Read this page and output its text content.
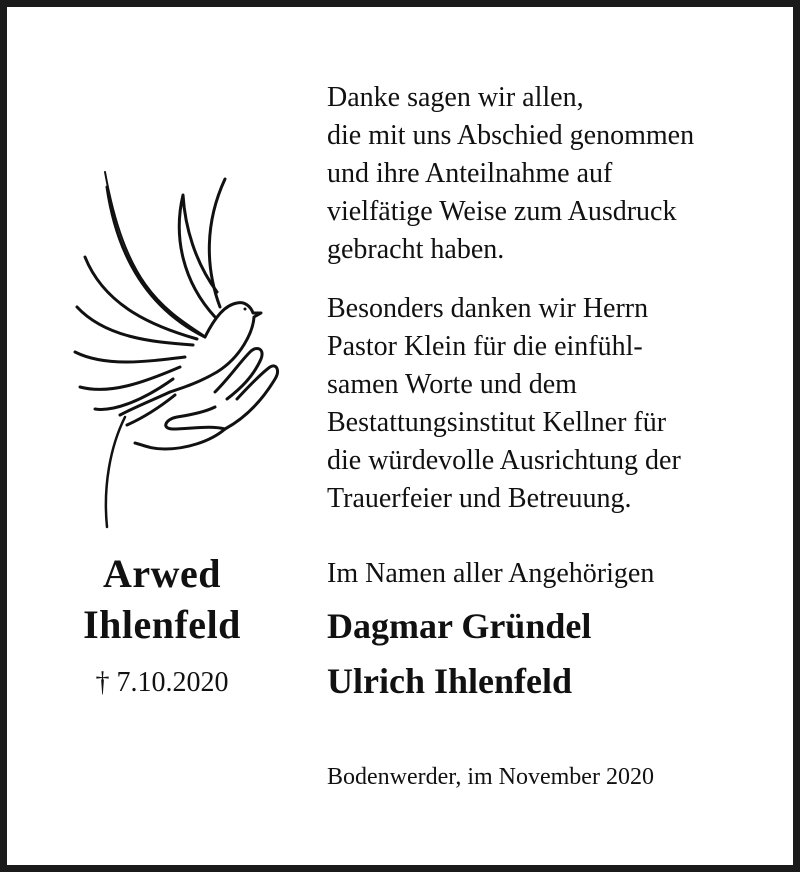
Arwed
Ihlenfeld
† 7.10.2020
Danke sagen wir allen,
die mit uns Abschied genommen
und ihre Anteilnahme auf
vielfätige Weise zum Ausdruck
gebracht haben.
Besonders danken wir Herrn
Pastor Klein für die einfühl-
samen Worte und dem
Bestattungsinstitut Kellner für
die würdevolle Ausrichtung der
Trauerfeier und Betreuung.
Im Namen aller Angehörigen
Dagmar Gründel
Ulrich Ihlenfeld
Bodenwerder, im November 2020
